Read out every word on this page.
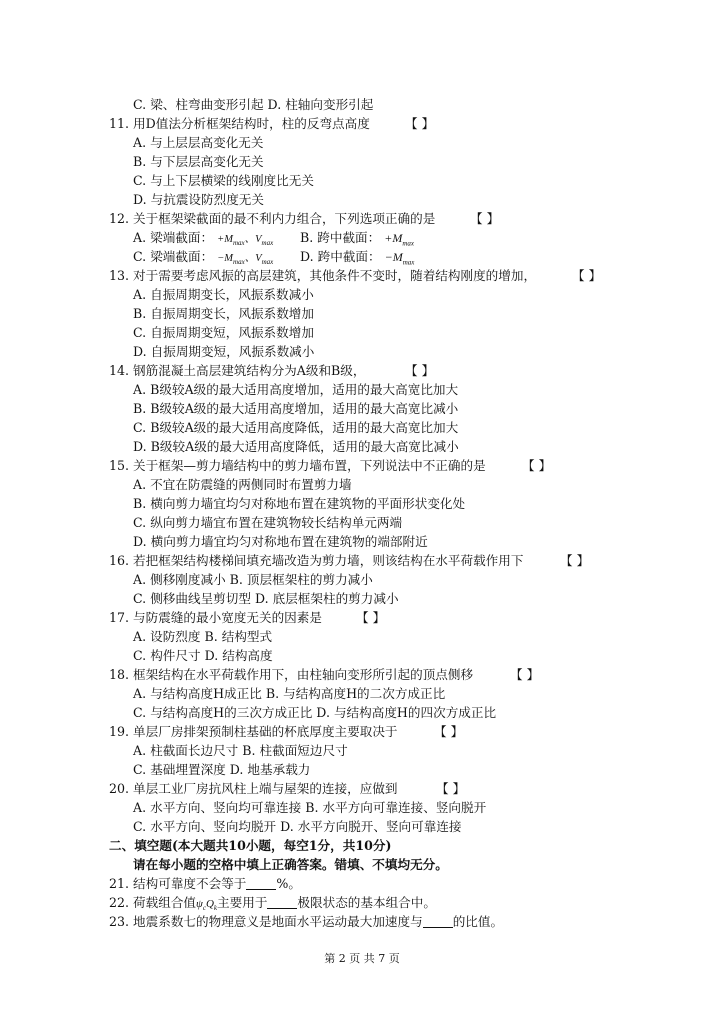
C. 梁、柱弯曲变形引起 D. 柱轴向变形引起
11. 用D值法分析框架结构时，柱的反弯点高度
A. 与上层层高变化无关
B. 与下层层高变化无关
C. 与上下层横梁的线刚度比无关
D. 与抗震设防烈度无关
12. 关于框架梁截面的最不利内力组合，下列选项正确的是
13. 对于需要考虑风振的高层建筑，其他条件不变时，随着结构刚度的增加，
A. 自振周期变长，风振系数减小
B. 自振周期变长，风振系数增加
C. 自振周期变短，风振系数增加
D. 自振周期变短，风振系数减小
14. 钢筋混凝土高层建筑结构分为A级和B级，
A. B级较A级的最大适用高度增加，适用的最大高宽比加大
B. B级较A级的最大适用高度增加，适用的最大高宽比减小
C. B级较A级的最大适用高度降低，适用的最大高宽比加大
D. B级较A级的最大适用高度降低，适用的最大高宽比减小
15. 关于框架—剪力墙结构中的剪力墙布置，下列说法中不正确的是
A. 不宜在防震缝的两侧同时布置剪力墙
B. 横向剪力墙宜均匀对称地布置在建筑物的平面形状变化处
C. 纵向剪力墙宜布置在建筑物较长结构单元两端
D. 横向剪力墙宜均匀对称地布置在建筑物的端部附近
16. 若把框架结构楼梯间填充墙改造为剪力墙，则该结构在水平荷载作用下
A. 侧移刚度减小 B. 顶层框架柱的剪力减小
C. 侧移曲线呈剪切型 D. 底层框架柱的剪力减小
17. 与防震缝的最小宽度无关的因素是
A. 设防烈度 B. 结构型式
C. 构件尺寸 D. 结构高度
18. 框架结构在水平荷载作用下，由柱轴向变形所引起的顶点侧移
A. 与结构高度H成正比 B. 与结构高度H的二次方成正比
C. 与结构高度H的三次方成正比 D. 与结构高度H的四次方成正比
19. 单层厂房排架预制柱基础的杯底厚度主要取决于
A. 柱截面长边尺寸 B. 柱截面短边尺寸
C. 基础埋置深度 D. 地基承载力
20. 单层工业厂房抗风柱上端与屋架的连接，应做到
A. 水平方向、竖向均可靠连接 B. 水平方向可靠连接、竖向脱开
C. 水平方向、竖向均脱开 D. 水平方向脱开、竖向可靠连接
【 】
【 】
【 】
【 】
【 】
【 】
【 】
【 】
【 】
【 】
A. 梁端截面： $+M_{max}$、$V_{max}$ B. 跨中截面： $+M_{max}$
C. 梁端截面： $-M_{max}$、$V_{max}$ D. 跨中截面： $-M_{max}$
二、填空题(本大题共10小题，每空1分，共10分)
请在每小题的空格中填上正确答案。错填、不填均无分。
21. 结构可靠度不会等于 %。
22. 荷载组合值$\psi_cQ_k$主要用于 极限状态的基本组合中。
23. 地震系数七的物理意义是地面水平运动最大加速度与 的比值。
第 2 页 共 7 页
